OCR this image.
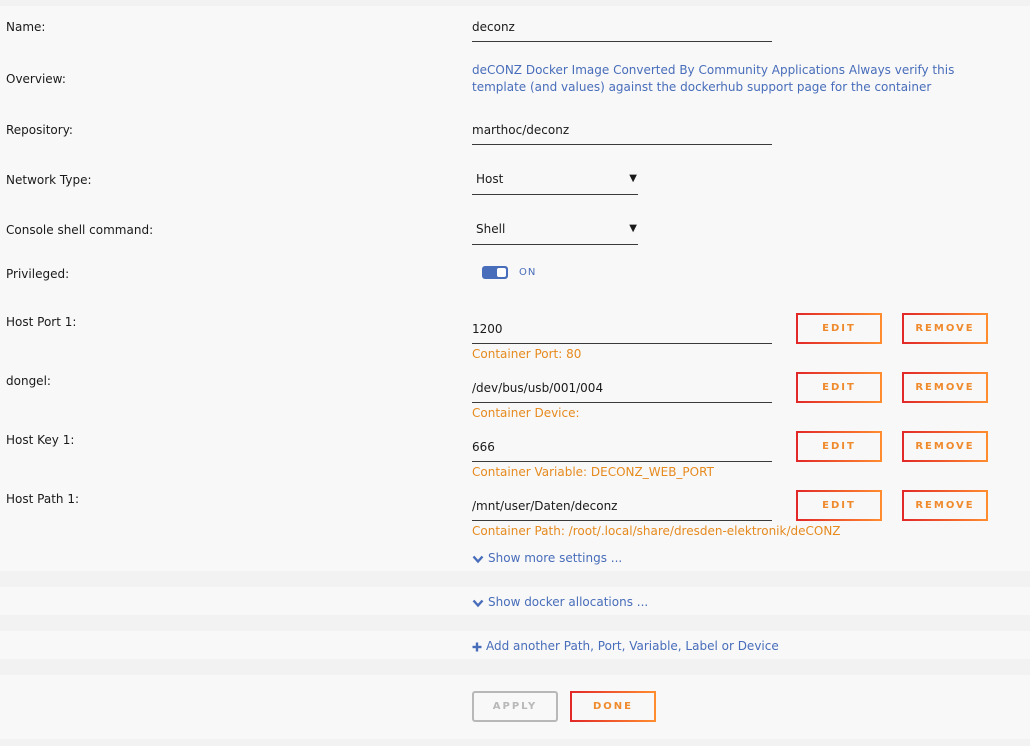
Name:	deconz
Overview:
deCONZ Docker Image Converted By Community Applications Always verify this template (and values) against the dockerhub support page for the container
Repository:	marthoc/deconz
Network Type:	Host	▼
Console shell command:	Shell	▼
Privileged:	ON
Host Port 1:	1200	EDIT	REMOVE
Container Port: 80
dongel:	/dev/bus/usb/001/004	EDIT	REMOVE
Container Device:
Host Key 1:	666	EDIT	REMOVE
Container Variable: DECONZ_WEB_PORT
Host Path 1:	/mnt/user/Daten/deconz	EDIT	REMOVE
Container Path: /root/.local/share/dresden-elektronik/deCONZ
Show more settings ...
Show docker allocations ...
Add another Path, Port, Variable, Label or Device
APPLY	DONE
